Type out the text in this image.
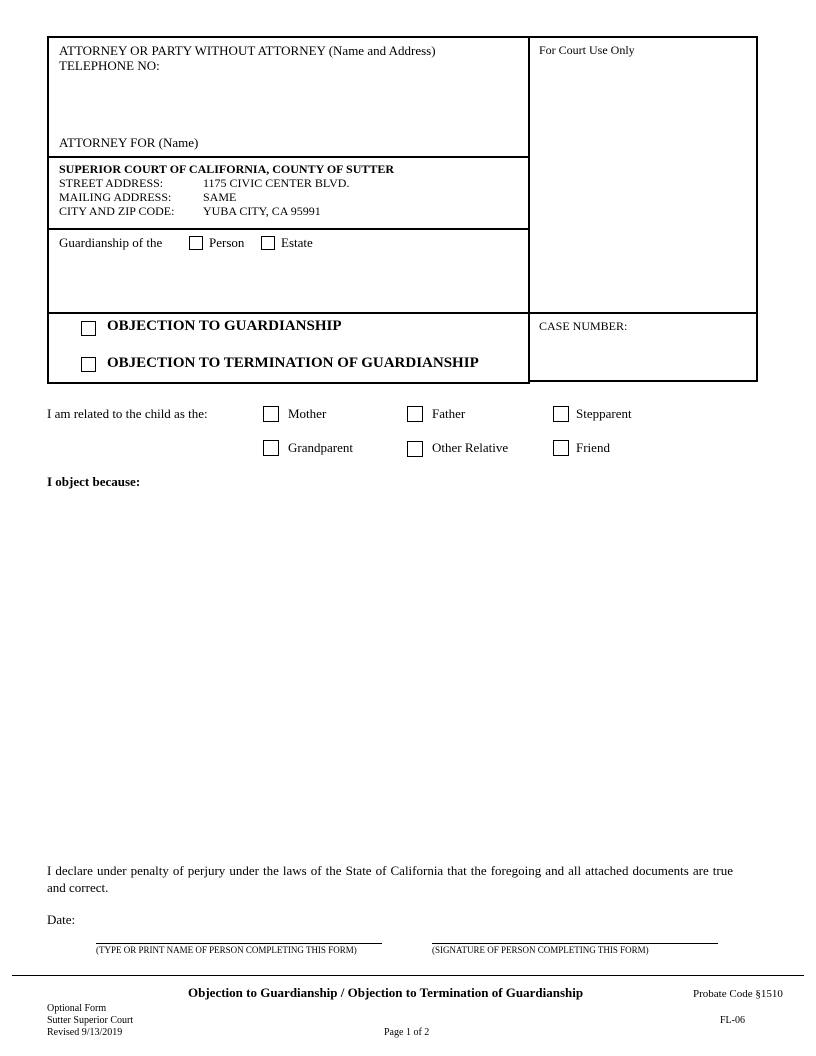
ATTORNEY OR PARTY WITHOUT ATTORNEY (Name and Address)
TELEPHONE NO:
ATTORNEY FOR (Name)
For Court Use Only
SUPERIOR COURT OF CALIFORNIA, COUNTY OF SUTTER
STREET ADDRESS:	1175 CIVIC CENTER BLVD.
MAILING ADDRESS:	SAME
CITY AND ZIP CODE: YUBA CITY, CA 95991
Guardianship of the	Person	Estate
OBJECTION TO GUARDIANSHIP
OBJECTION TO TERMINATION OF GUARDIANSHIP
CASE NUMBER:
I am related to the child as the:	Mother	Father	Stepparent
Grandparent	Other Relative	Friend
I object because:
I declare under penalty of perjury under the laws of the State of California that the foregoing and all attached documents are true and correct.
Date:
(TYPE OR PRINT NAME OF PERSON COMPLETING THIS FORM)	(SIGNATURE OF PERSON COMPLETING THIS FORM)
Objection to Guardianship / Objection to Termination of Guardianship	Probate Code §1510
Optional Form
Sutter Superior Court
Revised 9/13/2019	Page 1 of 2
FL-06
